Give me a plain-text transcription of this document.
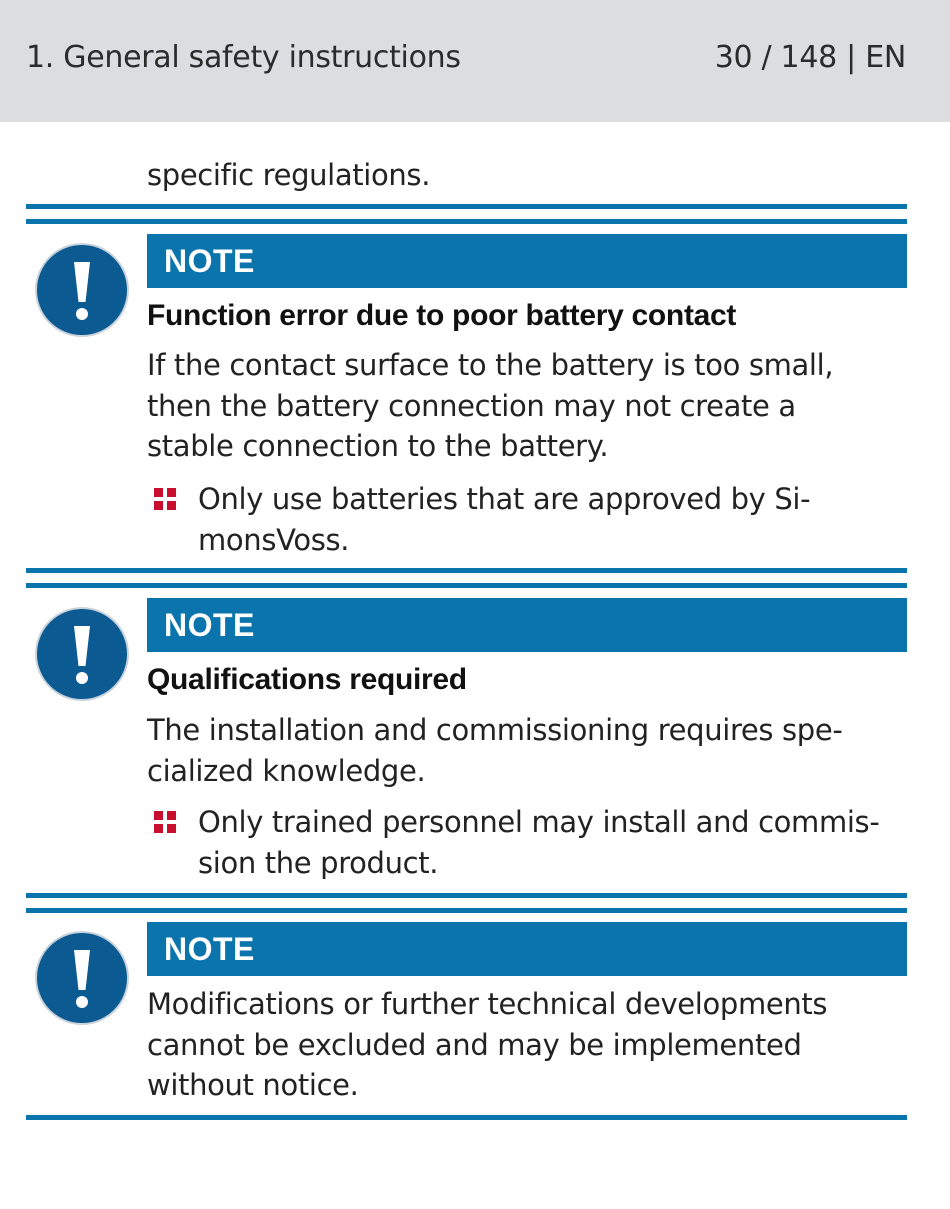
1. General safety instructions	30 / 148 | EN
specific regulations.
NOTE
Function error due to poor battery contact
If the contact surface to the battery is too small,
then the battery connection may not create a
stable connection to the battery.
Only use batteries that are approved by Si-
monsVoss.
NOTE
Qualifications required
The installation and commissioning requires spe-
cialized knowledge.
Only trained personnel may install and commis-
sion the product.
NOTE
Modifications or further technical developments
cannot be excluded and may be implemented
without notice.
